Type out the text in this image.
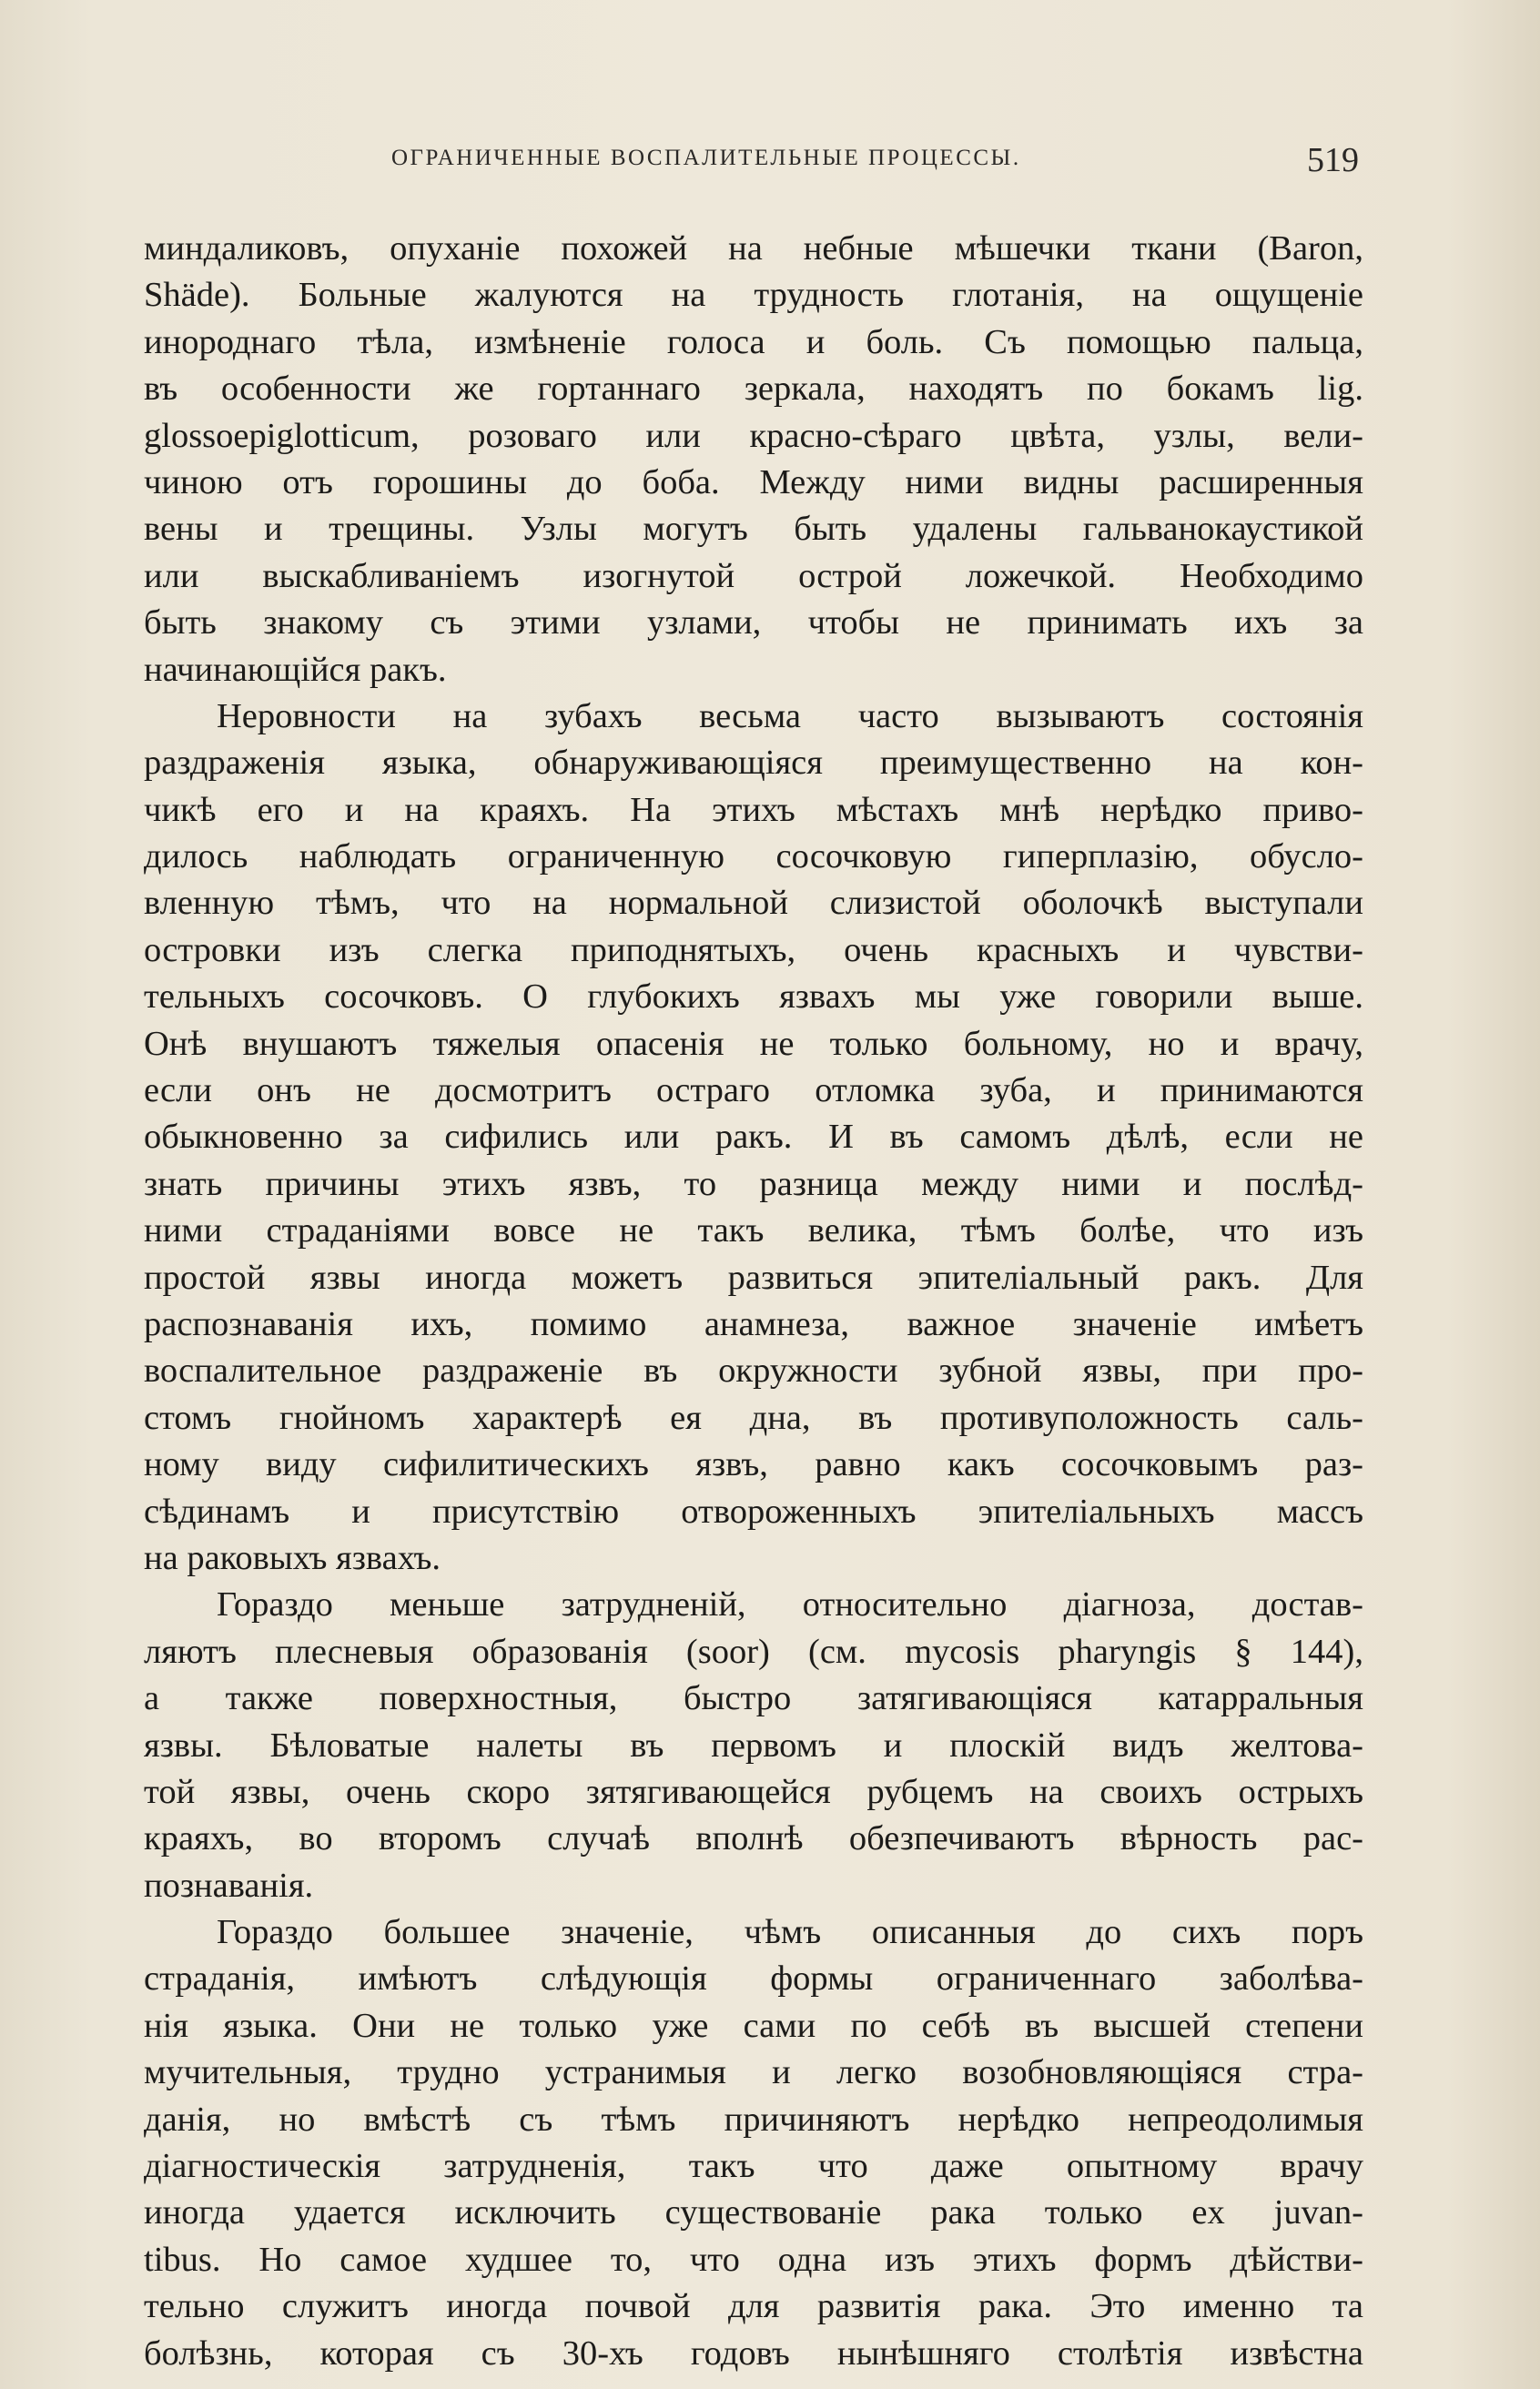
ОГРАНИЧЕННЫЕ ВОСПАЛИТЕЛЬНЫЕ ПРОЦЕССЫ.	519
миндаликовъ, опуханіе похожей на небные мѣшечки ткани (Baron,
Shäde). Больные жалуются на трудность глотанія, на ощущеніе
инороднаго тѣла, измѣненіе голоса и боль. Съ помощью пальца,
въ особенности же гортаннаго зеркала, находятъ по бокамъ lig.
glossoepiglotticum, розоваго или красно-сѣраго цвѣта, узлы, вели-
чиною отъ горошины до боба. Между ними видны расширенныя
вены и трещины. Узлы могутъ быть удалены гальванокаустикой
или выскабливаніемъ изогнутой острой ложечкой. Необходимо
быть знакому съ этими узлами, чтобы не принимать ихъ за
начинающійся ракъ.
Неровности на зубахъ весьма часто вызываютъ состоянія
раздраженія языка, обнаруживающіяся преимущественно на кон-
чикѣ его и на краяхъ. На этихъ мѣстахъ мнѣ нерѣдко приво-
дилось наблюдать ограниченную сосочковую гиперплазію, обусло-
вленную тѣмъ, что на нормальной слизистой оболочкѣ выступали
островки изъ слегка приподнятыхъ, очень красныхъ и чувстви-
тельныхъ сосочковъ. О глубокихъ язвахъ мы уже говорили выше.
Онѣ внушаютъ тяжелыя опасенія не только больному, но и врачу,
если онъ не досмотритъ остраго отломка зуба, и принимаются
обыкновенно за сифились или ракъ. И въ самомъ дѣлѣ, если не
знать причины этихъ язвъ, то разница между ними и послѣд-
ними страданіями вовсе не такъ велика, тѣмъ болѣе, что изъ
простой язвы иногда можетъ развиться эпителіальный ракъ. Для
распознаванія ихъ, помимо анамнеза, важное значеніе имѣетъ
воспалительное раздраженіе въ окружности зубной язвы, при про-
стомъ гнойномъ характерѣ ея дна, въ противуположность саль-
ному виду сифилитическихъ язвъ, равно какъ сосочковымъ раз-
сѣдинамъ и присутствію отвороженныхъ эпителіальныхъ массъ
на раковыхъ язвахъ.
Гораздо меньше затрудненій, относительно діагноза, достав-
ляютъ плесневыя образованія (soor) (см. mycosis pharyngis § 144),
а также поверхностныя, быстро затягивающіяся катарральныя
язвы. Бѣловатые налеты въ первомъ и плоскій видъ желтова-
той язвы, очень скоро зятягивающейся рубцемъ на своихъ острыхъ
краяхъ, во второмъ случаѣ вполнѣ обезпечиваютъ вѣрность рас-
познаванія.
Гораздо большее значеніе, чѣмъ описанныя до сихъ поръ
страданія, имѣютъ слѣдующія формы ограниченнаго заболѣва-
нія языка. Они не только уже сами по себѣ въ высшей степени
мучительныя, трудно устранимыя и легко возобновляющіяся стра-
данія, но вмѣстѣ съ тѣмъ причиняютъ нерѣдко непреодолимыя
діагностическія затрудненія, такъ что даже опытному врачу
иногда удается исключить существованіе рака только ex juvan-
tibus. Но самое худшее то, что одна изъ этихъ формъ дѣйстви-
тельно служитъ иногда почвой для развитія рака. Это именно та
болѣзнь, которая съ 30-хъ годовъ нынѣшняго столѣтія извѣстна
